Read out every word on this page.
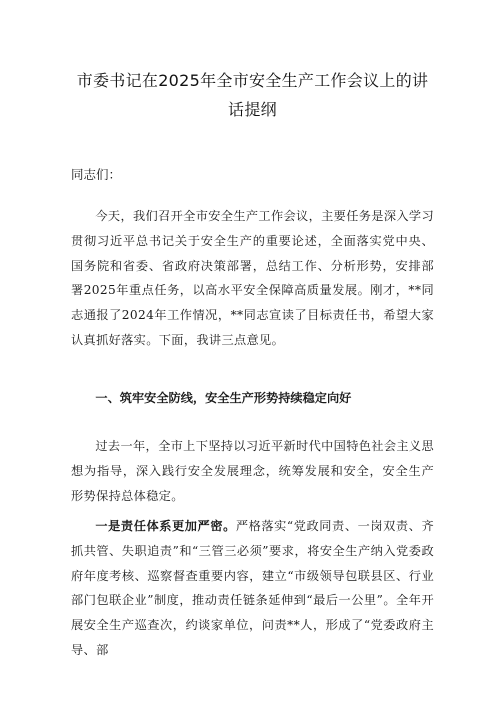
市委书记在2025年全市安全生产工作会议上的讲话提纲

同志们：

今天，我们召开全市安全生产工作会议，主要任务是深入学习贯彻习近平总书记关于安全生产的重要论述，全面落实党中央、国务院和省委、省政府决策部署，总结工作、分析形势，安排部署2025年重点任务，以高水平安全保障高质量发展。刚才，**同志通报了2024年工作情况，**同志宣读了目标责任书，希望大家认真抓好落实。下面，我讲三点意见。

一、筑牢安全防线，安全生产形势持续稳定向好

过去一年，全市上下坚持以习近平新时代中国特色社会主义思想为指导，深入践行安全发展理念，统筹发展和安全，安全生产形势保持总体稳定。

一是责任体系更加严密。严格落实“党政同责、一岗双责、齐抓共管、失职追责”和“三管三必须”要求，将安全生产纳入党委政府年度考核、巡察督查重要内容，建立“市级领导包联县区、行业部门包联企业”制度，推动责任链条延伸到“最后一公里”。全年开展安全生产巡查次，约谈家单位，问责**人，形成了“党委政府主导、部
